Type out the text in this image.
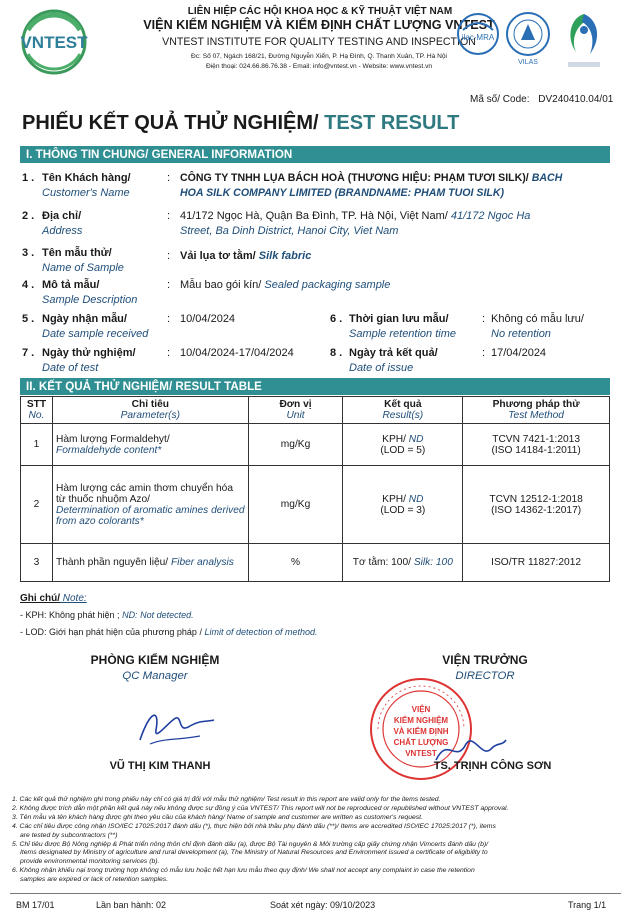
VNTEST
LIÊN HIỆP CÁC HỘI KHOA HỌC & KỸ THUẬT VIỆT NAM
VIỆN KIỂM NGHIỆM VÀ KIỂM ĐỊNH CHẤT LƯỢNG VNTEST
VNTEST INSTITUTE FOR QUALITY TESTING AND INSPECTION
Đc: Số 07, Ngách 168/21, Đường Nguyễn Xiển, P. Hạ Đình, Q. Thanh Xuân, TP. Hà Nội
Điện thoại: 024.66.86.76.38 - Email: info@vntest.vn - Website: www.vntest.vn
ilac-MRA
VILAS
Mã số/ Code: DV240410.04/01
PHIẾU KẾT QUẢ THỬ NGHIỆM/ TEST RESULT
I. THÔNG TIN CHUNG/ GENERAL INFORMATION
1 . Tên Khách hàng/
Customer's Name
: CÔNG TY TNHH LỤA BÁCH HOÀ (THƯƠNG HIỆU: PHẠM TƯƠI SILK)/ BACH
HOA SILK COMPANY LIMITED (BRANDNAME: PHAM TUOI SILK)
2 . Địa chỉ/
Address
: 41/172 Ngọc Hà, Quận Ba Đình, TP. Hà Nội, Việt Nam/ 41/172 Ngoc Ha
Street, Ba Dinh District, Hanoi City, Viet Nam
3 . Tên mẫu thử/
Name of Sample
: Vải lụa tơ tằm/ Silk fabric
4 . Mô tả mẫu/
Sample Description
: Mẫu bao gói kín/ Sealed packaging sample
5 . Ngày nhận mẫu/
Date sample received
: 10/04/2024	6 . Thời gian lưu mẫu/
Sample retention time
: Không có mẫu lưu/
No retention
7 . Ngày thử nghiệm/
Date of test
: 10/04/2024-17/04/2024	8 . Ngày trả kết quả/
Date of issue
: 17/04/2024
II. KẾT QUẢ THỬ NGHIỆM/ RESULT TABLE
STT
No.	Chỉ tiêu
Parameter(s)	Đơn vị
Unit	Kết quả
Result(s)	Phương pháp thử
Test Method

1	Hàm lượng Formaldehyt/
Formaldehyde content*	mg/Kg	KPH/ ND
(LOD = 5)	TCVN 7421-1:2013
(ISO 14184-1:2011)
2	Hàm lượng các amin thơm chuyển hóa từ thuốc nhuộm Azo/
Determination of aromatic amines derived from azo colorants*	mg/Kg	KPH/ ND
(LOD = 3)	TCVN 12512-1:2018
(ISO 14362-1:2017)
3	Thành phần nguyên liệu/ Fiber analysis	%	Tơ tằm: 100/ Silk: 100	ISO/TR 11827:2012
Ghi chú/ Note:
- KPH: Không phát hiện ; ND: Not detected.
- LOD: Giới hạn phát hiện của phương pháp / Limit of detection of method.
PHÒNG KIỂM NGHIỆM
QC Manager
VŨ THỊ KIM THANH
VIỆN TRƯỞNG
DIRECTOR
VIỆN
KIỂM NGHIỆM
VÀ KIỂM ĐỊNH
CHẤT LƯỢNG
VNTEST
TS. TRỊNH CÔNG SƠN
1. Các kết quả thử nghiệm ghi trong phiếu này chỉ có giá trị đối với mẫu thử nghiệm/ Test result in this report are valid only for the items tested.
2. Không được trích dẫn một phần kết quả này nếu không được sự đồng ý của VNTEST/ This report will not be reproduced or republished without VNTEST approval.
3. Tên mẫu và tên khách hàng được ghi theo yêu cầu của khách hàng/ Name of sample and customer are written as customer's request.
4. Các chỉ tiêu được công nhận ISO/IEC 17025:2017 đánh dấu (*), thực hiện bởi nhà thầu phụ đánh dấu (**)/ Items are accredited ISO/IEC 17025:2017 (*), items
are tested by subcontractors (**)
5. Chỉ tiêu được Bộ Nông nghiệp & Phát triển nông thôn chỉ định đánh dấu (a), được Bộ Tài nguyên & Môi trường cấp giấy chứng nhận Vimcerts đánh dấu (b)/
Items designated by Ministry of agriculture and rural development (a), The Ministry of Natural Resources and Environment issued a certificate of eligibility to
provide environmental monitoring services (b).
6. Không nhận khiếu nại trong trường hợp không có mẫu lưu hoặc hết hạn lưu mẫu theo quy định/ We shall not accept any complaint in case the retention
samples are expired or lack of retention samples.
BM 17/01	Lần ban hành: 02	Soát xét ngày: 09/10/2023	Trang 1/1
